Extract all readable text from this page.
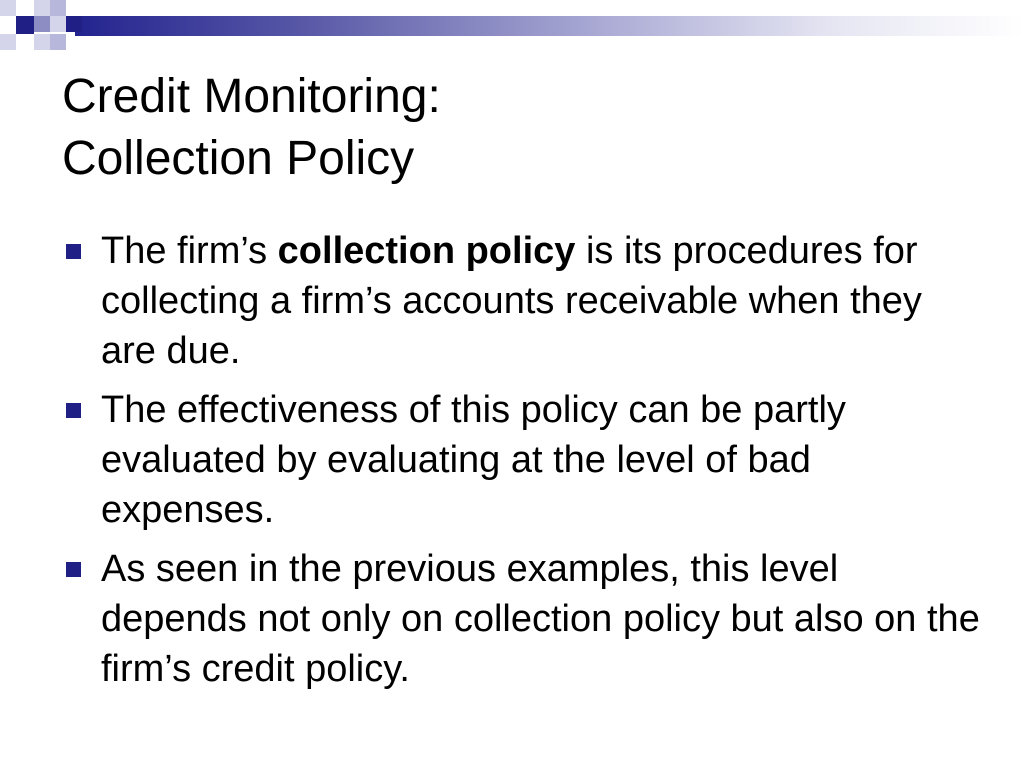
Credit Monitoring:
Collection Policy
The firm’s collection policy is its procedures for collecting a firm’s accounts receivable when they are due.
The effectiveness of this policy can be partly evaluated by evaluating at the level of bad expenses.
As seen in the previous examples, this level depends not only on collection policy but also on the firm’s credit policy.
